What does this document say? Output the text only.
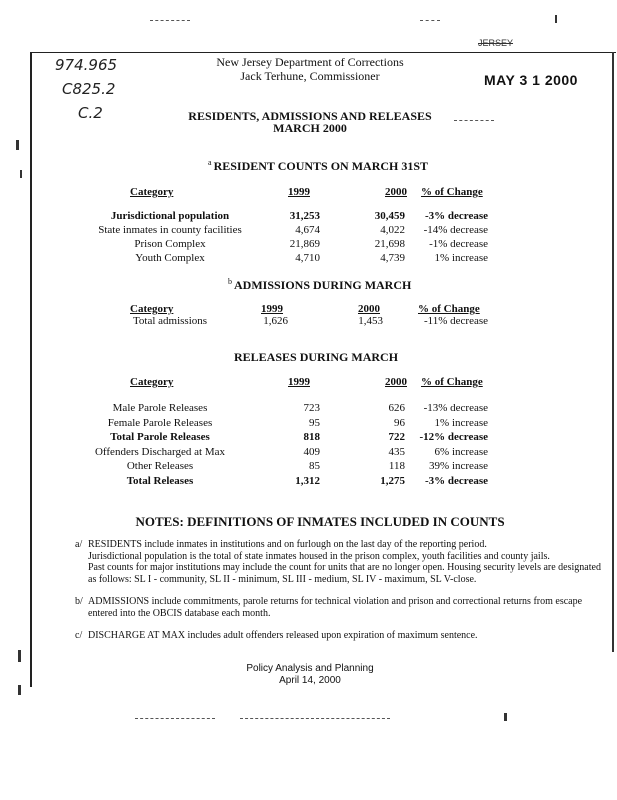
974.965
C825.2
C.2
JERSEY
MAY 3 1 2000
New Jersey Department of Corrections
Jack Terhune, Commissioner
RESIDENTS, ADMISSIONS AND RELEASES
MARCH 2000
$^a$ RESIDENT COUNTS ON MARCH 31ST
Category	1999	2000 % of Change
Jurisdictional population	31,253	30,459	-3% decrease
State inmates in county facilities	4,674	4,022	-14% decrease
Prison Complex	21,869	21,698	-1% decrease
Youth Complex	4,710	4,739	1% increase
$^b$ ADMISSIONS DURING MARCH
Category	1999	2000	% of Change
Total admissions	1,626	1,453	-11% decrease
RELEASES DURING MARCH
Category	1999	2000 % of Change
Male Parole Releases	723	626	-13% decrease
Female Parole Releases	95	96	1% increase
Total Parole Releases	818	722	-12% decrease
Offenders Discharged at Max	409	435	6% increase
Other Releases	85	118	39% increase
Total Releases	1,312	1,275	-3% decrease
NOTES: DEFINITIONS OF INMATES INCLUDED IN COUNTS
a/ RESIDENTS include inmates in institutions and on furlough on the last day of the reporting period.
Jurisdictional population is the total of state inmates housed in the prison complex, youth facilities and county jails.
Past counts for major institutions may include the count for units that are no longer open. Housing security levels are designated
as follows: SL I - community, SL II - minimum, SL III - medium, SL IV - maximum, SL V-close.
b/ ADMISSIONS include commitments, parole returns for technical violation and prison and correctional returns from escape
entered into the OBCIS database each month.
c/ DISCHARGE AT MAX includes adult offenders released upon expiration of maximum sentence.
Policy Analysis and Planning
April 14, 2000
